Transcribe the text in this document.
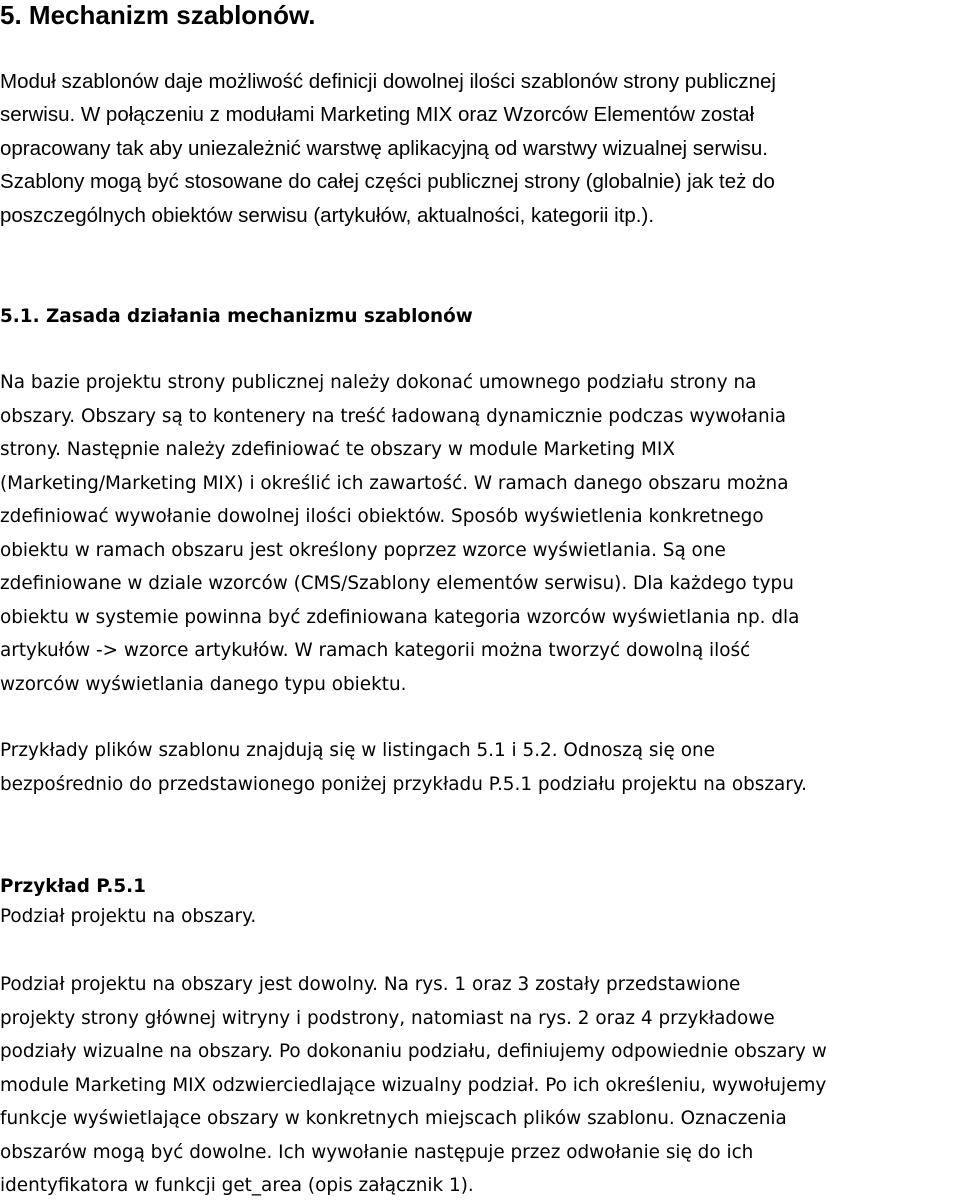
5. Mechanizm szablonów.

Moduł szablonów daje możliwość definicji dowolnej ilości szablonów strony publicznej
serwisu. W połączeniu z modułami Marketing MIX oraz Wzorców Elementów został
opracowany tak aby uniezależnić warstwę aplikacyjną od warstwy wizualnej serwisu.
Szablony mogą być stosowane do całej części publicznej strony (globalnie) jak też do
poszczególnych obiektów serwisu (artykułów, aktualności, kategorii itp.).

5.1. Zasada działania mechanizmu szablonów

Na bazie projektu strony publicznej należy dokonać umownego podziału strony na
obszary. Obszary są to kontenery na treść ładowaną dynamicznie podczas wywołania
strony. Następnie należy zdefiniować te obszary w module Marketing MIX
(Marketing/Marketing MIX) i określić ich zawartość. W ramach danego obszaru można
zdefiniować wywołanie dowolnej ilości obiektów. Sposób wyświetlenia konkretnego
obiektu w ramach obszaru jest określony poprzez wzorce wyświetlania. Są one
zdefiniowane w dziale wzorców (CMS/Szablony elementów serwisu). Dla każdego typu
obiektu w systemie powinna być zdefiniowana kategoria wzorców wyświetlania np. dla
artykułów -> wzorce artykułów. W ramach kategorii można tworzyć dowolną ilość
wzorców wyświetlania danego typu obiektu.

Przykłady plików szablonu znajdują się w listingach 5.1 i 5.2. Odnoszą się one
bezpośrednio do przedstawionego poniżej przykładu P.5.1 podziału projektu na obszary.

Przykład P.5.1

Podział projektu na obszary.

Podział projektu na obszary jest dowolny. Na rys. 1 oraz 3 zostały przedstawione
projekty strony głównej witryny i podstrony, natomiast na rys. 2 oraz 4 przykładowe
podziały wizualne na obszary. Po dokonaniu podziału, definiujemy odpowiednie obszary w
module Marketing MIX odzwierciedlające wizualny podział. Po ich określeniu, wywołujemy
funkcje wyświetlające obszary w konkretnych miejscach plików szablonu. Oznaczenia
obszarów mogą być dowolne. Ich wywołanie następuje przez odwołanie się do ich
identyfikatora w funkcji get_area (opis załącznik 1).
